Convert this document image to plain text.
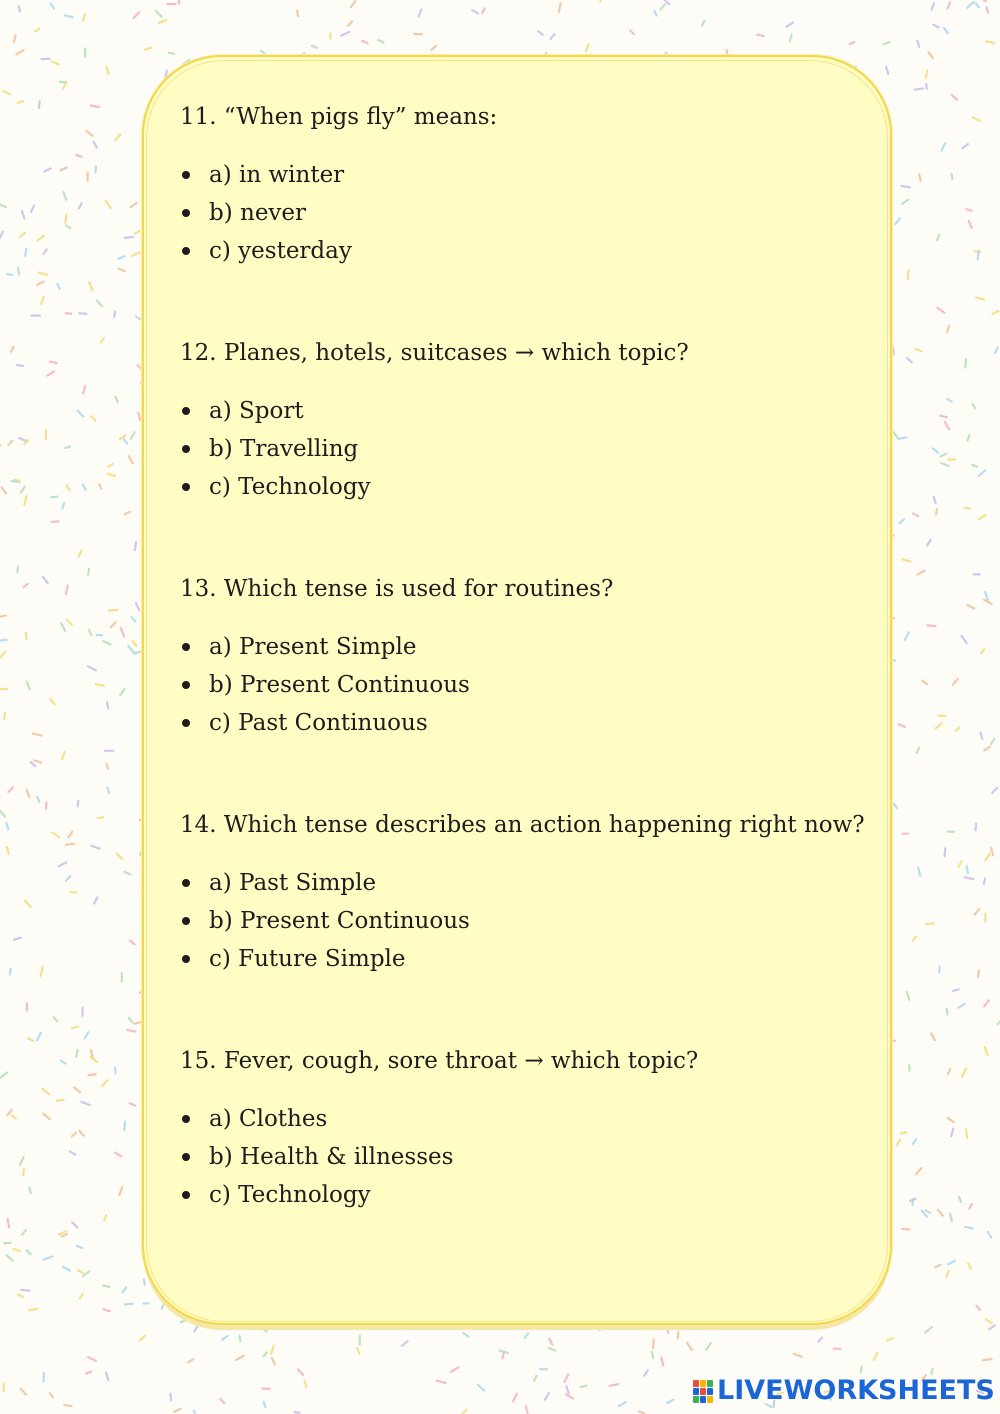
11. “When pigs fly” means:

a) in winter
b) never
c) yesterday

12. Planes, hotels, suitcases → which topic?

a) Sport
b) Travelling
c) Technology

13. Which tense is used for routines?

a) Present Simple
b) Present Continuous
c) Past Continuous

14. Which tense describes an action happening right now?

a) Past Simple
b) Present Continuous
c) Future Simple

15. Fever, cough, sore throat → which topic?

a) Clothes
b) Health & illnesses
c) Technology
LIVEWORKSHEETS
